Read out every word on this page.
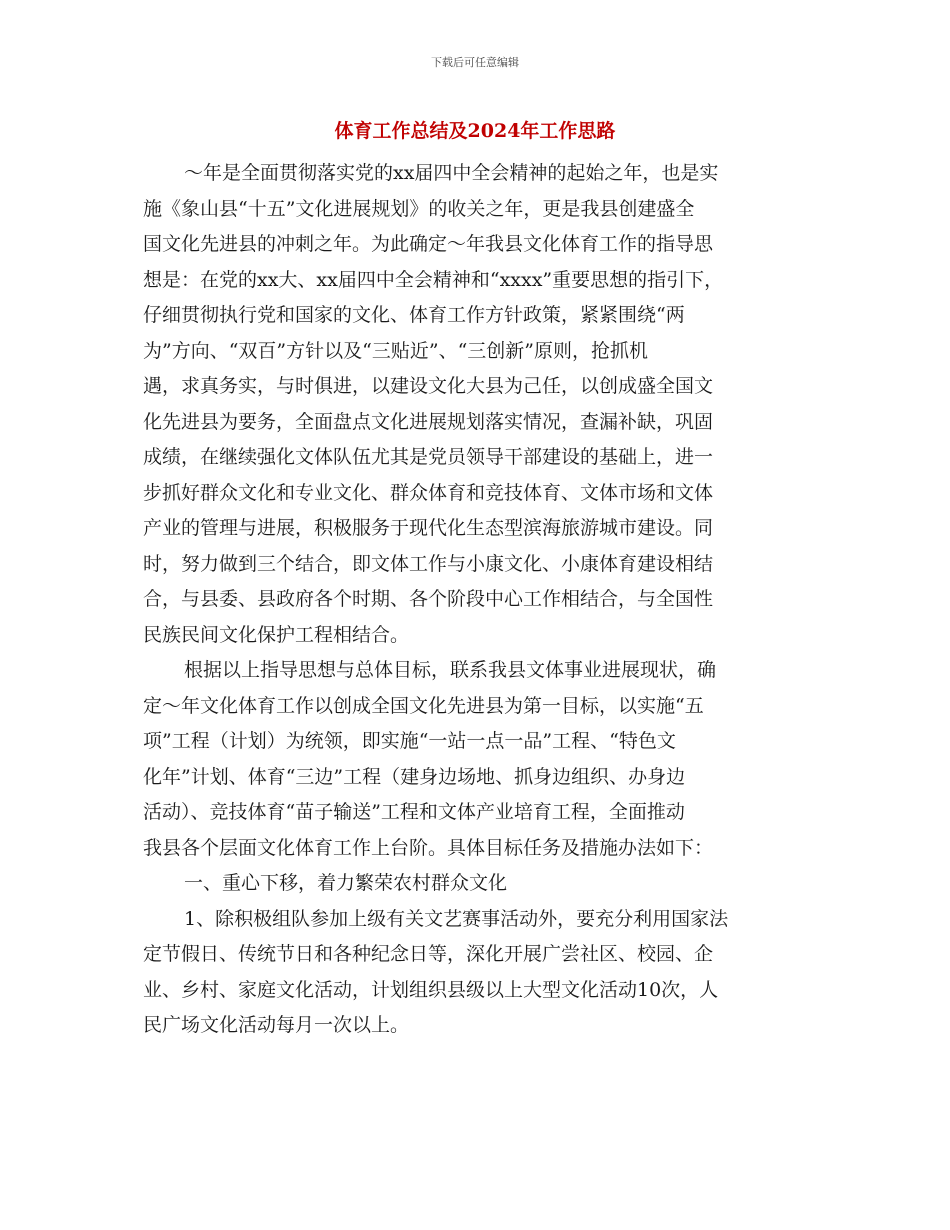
下载后可任意编辑
体育工作总结及2024年工作思路

～年是全面贯彻落实党的xx届四中全会精神的起始之年，也是实

施《象山县“十五”文化进展规划》的收关之年，更是我县创建盛全

国文化先进县的冲刺之年。为此确定～年我县文化体育工作的指导思

想是：在党的xx大、xx届四中全会精神和“xxxx”重要思想的指引下，

仔细贯彻执行党和国家的文化、体育工作方针政策，紧紧围绕“两

为”方向、“双百”方针以及“三贴近”、“三创新”原则，抢抓机

遇，求真务实，与时俱进，以建设文化大县为己任，以创成盛全国文

化先进县为要务，全面盘点文化进展规划落实情况，查漏补缺，巩固

成绩，在继续强化文体队伍尤其是党员领导干部建设的基础上，进一

步抓好群众文化和专业文化、群众体育和竞技体育、文体市场和文体

产业的管理与进展，积极服务于现代化生态型滨海旅游城市建设。同

时，努力做到三个结合，即文体工作与小康文化、小康体育建设相结

合，与县委、县政府各个时期、各个阶段中心工作相结合，与全国性

民族民间文化保护工程相结合。

根据以上指导思想与总体目标，联系我县文体事业进展现状，确

定～年文化体育工作以创成全国文化先进县为第一目标，以实施“五

项”工程（计划）为统领，即实施“一站一点一品”工程、“特色文

化年”计划、体育“三边”工程（建身边场地、抓身边组织、办身边

活动）、竞技体育“苗子输送”工程和文体产业培育工程，全面推动

我县各个层面文化体育工作上台阶。具体目标任务及措施办法如下：

一、重心下移，着力繁荣农村群众文化

1、除积极组队参加上级有关文艺赛事活动外，要充分利用国家法

定节假日、传统节日和各种纪念日等，深化开展广尝社区、校园、企

业、乡村、家庭文化活动，计划组织县级以上大型文化活动10次，人

民广场文化活动每月一次以上。
